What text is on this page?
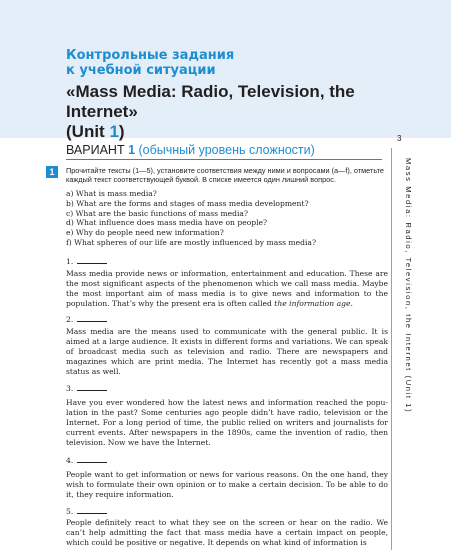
Контрольные задания
к учебной ситуации
«Mass Media: Radio, Television, the Internet»
(Unit 1)
ВАРИАНТ 1 (обычный уровень сложности)
1	Прочитайте тексты (1—5), установите соответствия между ними и вопросами (a—f), отметьте каждый текст соответствующей буквой. В списке имеется один лишний вопрос.
a) What is mass media?
b) What are the forms and stages of mass media development?
c) What are the basic functions of mass media?
d) What influence does mass media have on people?
e) Why do people need new information?
f) What spheres of our life are mostly influenced by mass media?
1.
Mass media provide news or information, entertainment and education. These are the most significant aspects of the phenomenon which we call mass media. Maybe the most important aim of mass media is to give news and information to the population. That’s why the present era is often called the information age.
2.
Mass media are the means used to communicate with the general public. It is aimed at a large audience. It exists in different forms and variations. We can speak of broadcast media such as television and radio. There are newspapers and magazines which are print media. The Internet has recently got a mass media status as well.
3.
Have you ever wondered how the latest news and information reached the population in the past? Some centuries ago people didn’t have radio, television or the Internet. For a long period of time, the public relied on writers and journalists for current events. After newspapers in the 1890s, came the invention of radio, then television. Now we have the Internet.
4.
People want to get information or news for various reasons. On the one hand, they wish to formulate their own opinion or to make a certain decision. To be able to do it, they require information.
5.
People definitely react to what they see on the screen or hear on the radio. We can’t help admitting the fact that mass media have a certain impact on people, which could be positive or negative. It depends on what kind of information is
3
Mass Media: Radio, Television, the Internet (Unit 1)
